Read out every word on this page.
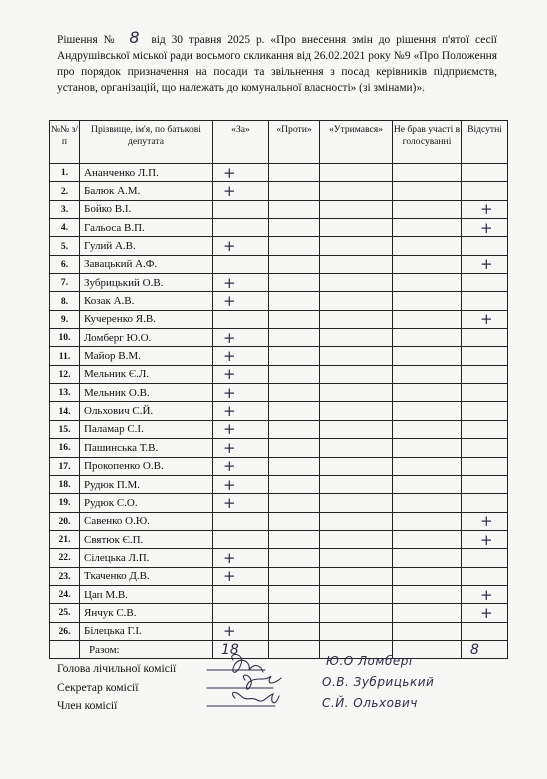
Рішення № 8 від 30 травня 2025 р. «Про внесення змін до рішення п'ятої сесії Андрушівської міської ради восьмого скликання від 26.02.2021 року №9 «Про Положення про порядок призначення на посади та звільнення з посад керівників підприємств, установ, організацій, що належать до комунальної власності» (зі змінами)».
№№ з/п	Прізвище, ім'я, по батькові депутата	«За»	«Проти»	«Утримався»	Не брав участі в голосуванні	Відсутні
1.	Ананченко Л.П.	+				
2.	Балюк А.М.	+				
3.	Бойко В.І.					+
4.	Гальоса В.П.					+
5.	Гулий А.В.	+				
6.	Завацький А.Ф.					+
7.	Зубрицький О.В.	+				
8.	Козак А.В.	+				
9.	Кучеренко Я.В.					+
10.	Ломберг Ю.О.	+				
11.	Майор В.М.	+				
12.	Мельник Є.Л.	+				
13.	Мельник О.В.	+				
14.	Ольхович С.Й.	+				
15.	Паламар С.І.	+				
16.	Пашинська Т.В.	+				
17.	Прокопенко О.В.	+				
18.	Рудюк П.М.	+				
19.	Рудюк С.О.	+				
20.	Савенко О.Ю.					+
21.	Святюк Є.П.					+
22.	Сілецька Л.П.	+				
23.	Ткаченко Д.В.	+				
24.	Цап М.В.					+
25.	Янчук С.В.					+
26.	Білецька Г.І.	+				
	Разом:	18				8
Голова лічильної комісії
Секретар комісії
Член комісії
Ю.О Ломберг
О.В. Зубрицький
С.Й. Ольхович
